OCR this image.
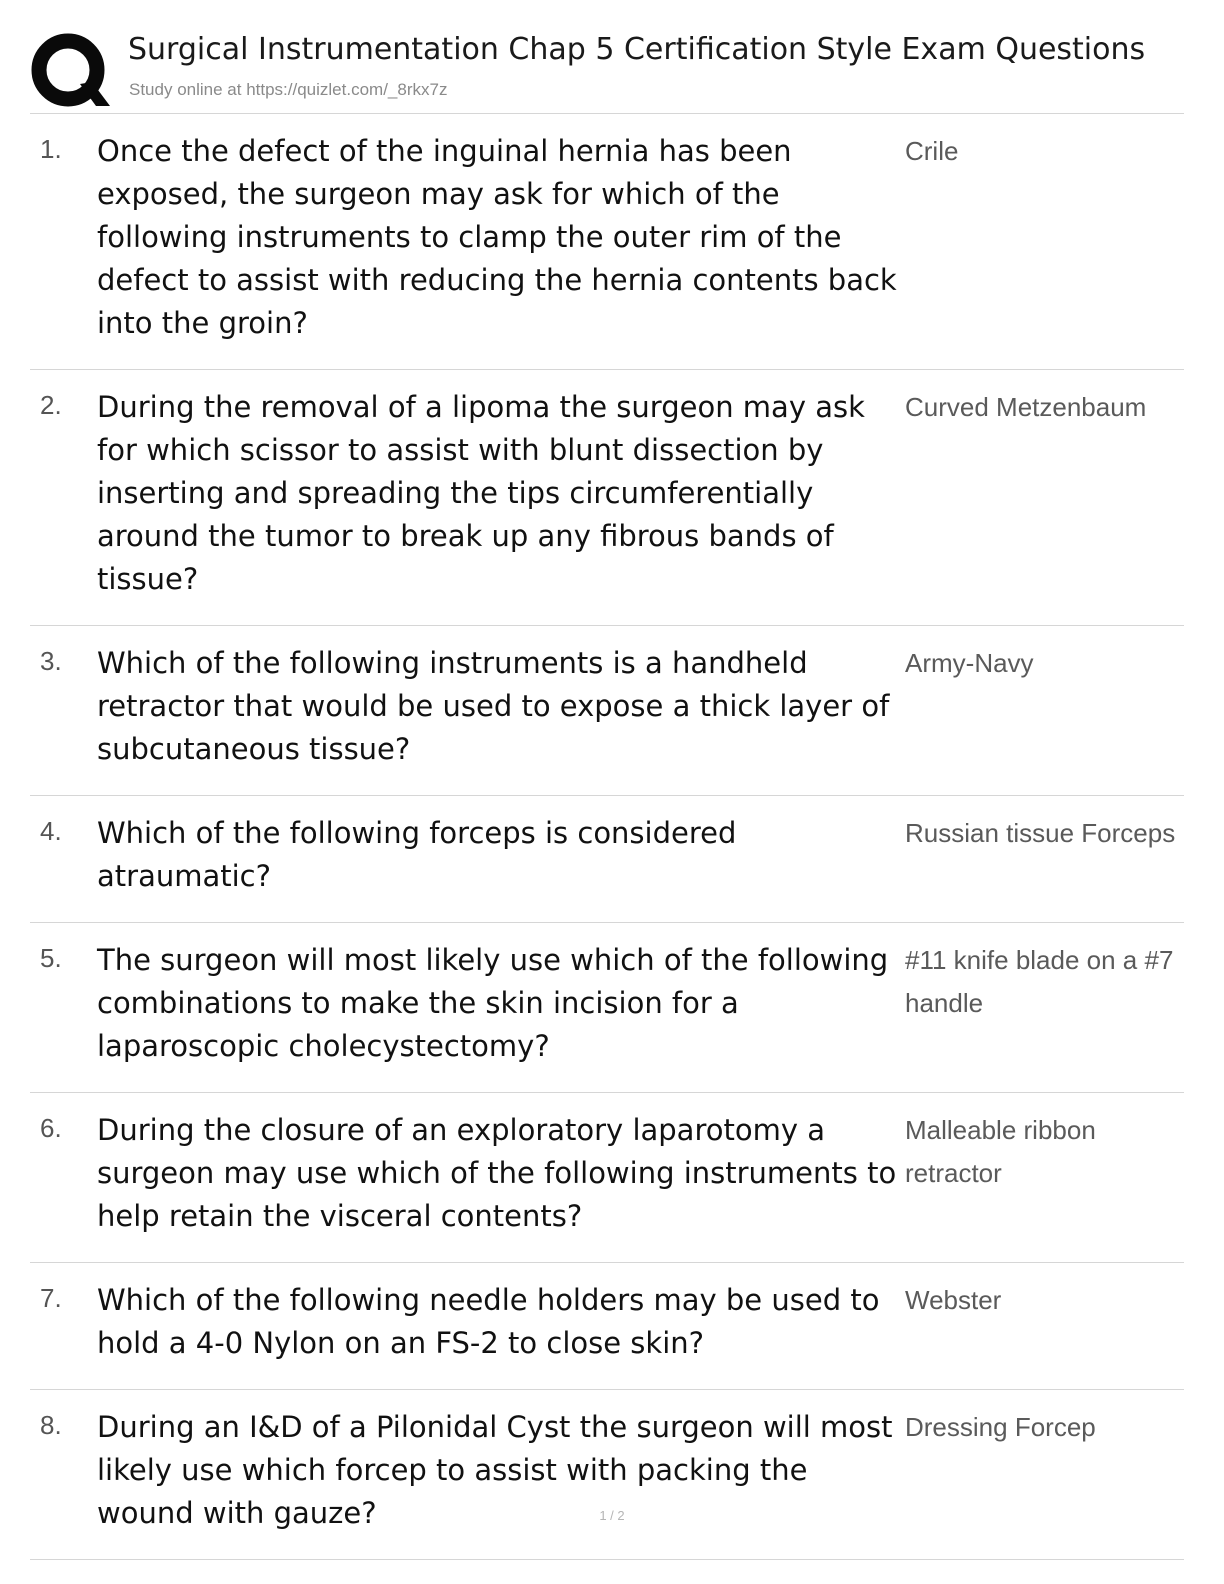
Surgical Instrumentation Chap 5 Certification Style Exam Questions
Study online at https://quizlet.com/_8rkx7z
1. Once the defect of the inguinal hernia has been exposed, the surgeon may ask for which of the following instruments to clamp the outer rim of the defect to assist with reducing the hernia contents back into the groin?
Crile
2. During the removal of a lipoma the surgeon may ask for which scissor to assist with blunt dissection by inserting and spreading the tips circumferentially around the tumor to break up any fibrous bands of tissue?
Curved Metzenbaum
3. Which of the following instruments is a handheld retractor that would be used to expose a thick layer of subcutaneous tissue?
Army-Navy
4. Which of the following forceps is considered atraumatic?
Russian tissue Forceps
5. The surgeon will most likely use which of the following combinations to make the skin incision for a laparoscopic cholecystectomy?
#11 knife blade on a #7 handle
6. During the closure of an exploratory laparotomy a surgeon may use which of the following instruments to help retain the visceral contents?
Malleable ribbon retractor
7. Which of the following needle holders may be used to hold a 4-0 Nylon on an FS-2 to close skin?
Webster
8. During an I&D of a Pilonidal Cyst the surgeon will most likely use which forcep to assist with packing the wound with gauze?
Dressing Forcep
1 / 2
